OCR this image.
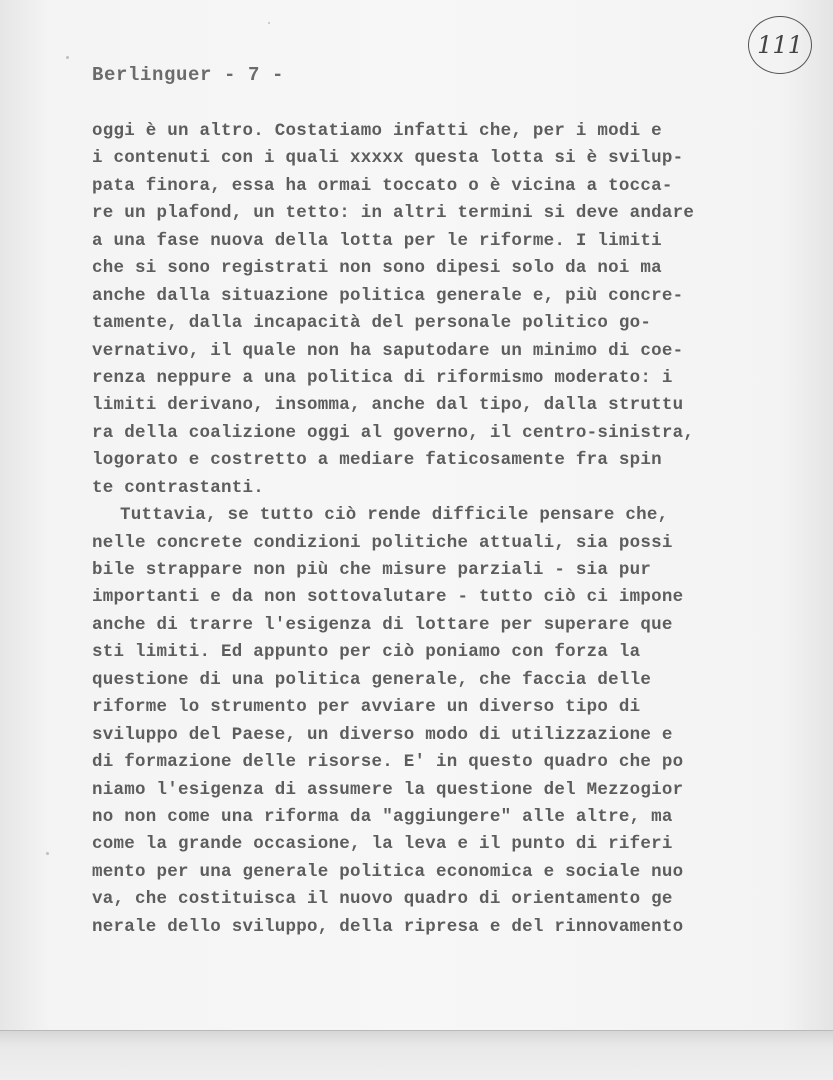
111
Berlinguer - 7 -
oggi è un altro. Costatiamo infatti che, per i modi e
i contenuti con i quali xxxxx questa lotta si è svilup-
pata finora, essa ha ormai toccato o è vicina a tocca-
re un plafond, un tetto: in altri termini si deve andare
a una fase nuova della lotta per le riforme. I limiti
che si sono registrati non sono dipesi solo da noi ma
anche dalla situazione politica generale e, più concre-
tamente, dalla incapacità del personale politico go-
vernativo, il quale non ha saputodare un minimo di coe-
renza neppure a una politica di riformismo moderato: i
limiti derivano, insomma, anche dal tipo, dalla struttu
ra della coalizione oggi al governo, il centro-sinistra,
logorato e costretto a mediare faticosamente fra spin
te contrastanti.
Tuttavia, se tutto ciò rende difficile pensare che,
nelle concrete condizioni politiche attuali, sia possi
bile strappare non più che misure parziali - sia pur
importanti e da non sottovalutare - tutto ciò ci impone
anche di trarre l'esigenza di lottare per superare que
sti limiti. Ed appunto per ciò poniamo con forza la
questione di una politica generale, che faccia delle
riforme lo strumento per avviare un diverso tipo di
sviluppo del Paese, un diverso modo di utilizzazione e
di formazione delle risorse. E' in questo quadro che po
niamo l'esigenza di assumere la questione del Mezzogior
no non come una riforma da "aggiungere" alle altre, ma
come la grande occasione, la leva e il punto di riferi
mento per una generale politica economica e sociale nuo
va, che costituisca il nuovo quadro di orientamento ge
nerale dello sviluppo, della ripresa e del rinnovamento
